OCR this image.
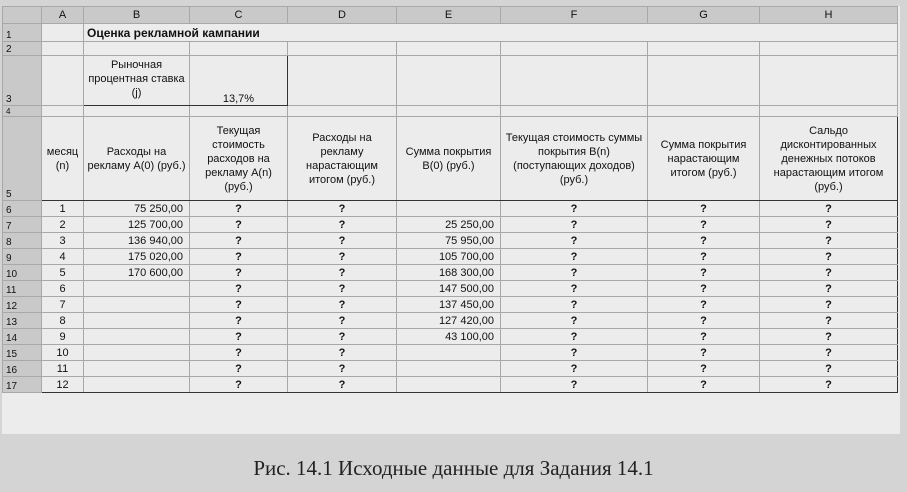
	A	B	C	D	E	F	G	H
1		Оценка рекламной кампании						
2								
3		Рыночная процентная ставка (j)	13,7%					
4								
5	месяц (n)	Расходы на рекламу A(0) (руб.)	Текущая стоимость расходов на рекламу A(n) (руб.)	Расходы на рекламу нарастающим итогом (руб.)	Сумма покрытия B(0) (руб.)	Текущая стоимость суммы покрытия B(n) (поступающих доходов) (руб.)	Сумма покрытия нарастающим итогом (руб.)	Сальдо дисконтированных денежных потоков нарастающим итогом (руб.)
6	1	75 250,00	?	?		?	?	?
7	2	125 700,00	?	?	25 250,00	?	?	?
8	3	136 940,00	?	?	75 950,00	?	?	?
9	4	175 020,00	?	?	105 700,00	?	?	?
10	5	170 600,00	?	?	168 300,00	?	?	?
11	6		?	?	147 500,00	?	?	?
12	7		?	?	137 450,00	?	?	?
13	8		?	?	127 420,00	?	?	?
14	9		?	?	43 100,00	?	?	?
15	10		?	?		?	?	?
16	11		?	?		?	?	?
17	12		?	?		?	?	?
Рис. 14.1 Исходные данные для Задания 14.1
